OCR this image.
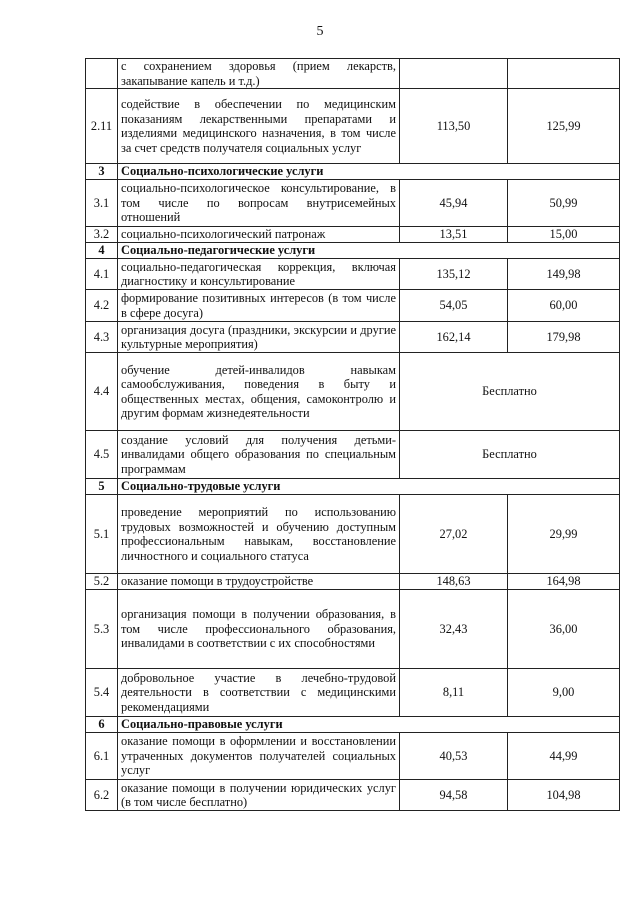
5
	с сохранением здоровья (прием лекарств, закапывание капель и т.д.)		
2.11	содействие в обеспечении по медицинским показаниям лекарственными препаратами и изделиями медицинского назначения, в том числе за счет средств получателя социальных услуг	113,50	125,99
3	Социально-психологические услуги		
3.1	социально-психологическое консультирование, в том числе по вопросам внутрисемейных отношений	45,94	50,99
3.2	социально-психологический патронаж	13,51	15,00
4	Социально-педагогические услуги		
4.1	социально-педагогическая коррекция, включая диагностику и консультирование	135,12	149,98
4.2	формирование позитивных интересов (в том числе в сфере досуга)	54,05	60,00
4.3	организация досуга (праздники, экскурсии и другие культурные мероприятия)	162,14	179,98
4.4	обучение детей-инвалидов навыкам самообслуживания, поведения в быту и общественных местах, общения, самоконтролю и другим формам жизнедеятельности	Бесплатно	
4.5	создание условий для получения детьми-инвалидами общего образования по специальным программам	Бесплатно	
5	Социально-трудовые услуги		
5.1	проведение мероприятий по использованию трудовых возможностей и обучению доступным профессиональным навыкам, восстановление личностного и социального статуса	27,02	29,99
5.2	оказание помощи в трудоустройстве	148,63	164,98
5.3	организация помощи в получении образования, в том числе профессионального образования, инвалидами в соответствии с их способностями	32,43	36,00
5.4	добровольное участие в лечебно-трудовой деятельности в соответствии с медицинскими рекомендациями	8,11	9,00
6	Социально-правовые услуги		
6.1	оказание помощи в оформлении и восстановлении утраченных документов получателей социальных услуг	40,53	44,99
6.2	оказание помощи в получении юридических услуг (в том числе бесплатно)	94,58	104,98
